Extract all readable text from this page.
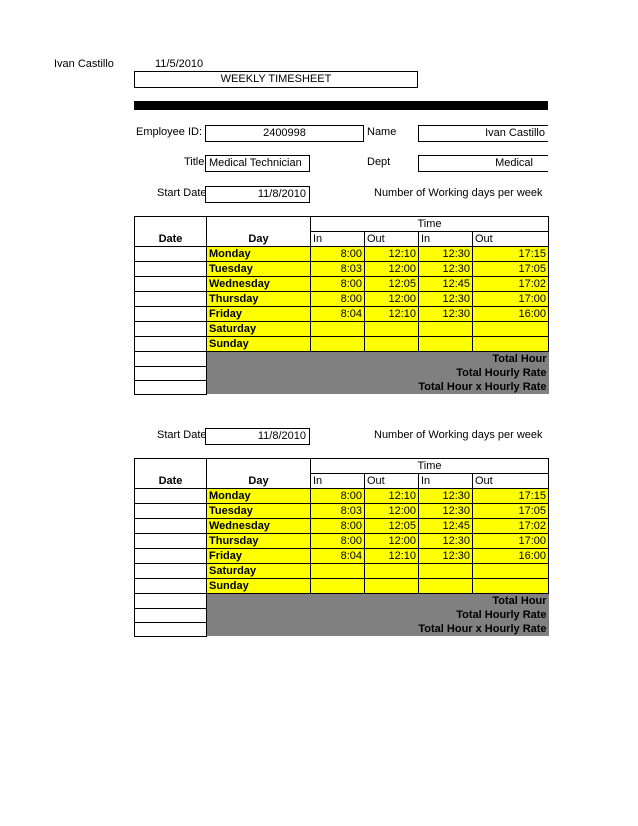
Ivan Castillo	11/5/2010
WEEKLY TIMESHEET
Employee ID:	2400998	Name	Ivan Castillo
Title Medical Technician	Dept	Medical
Start Date	11/8/2010	Number of Working days per week
		Time			
Date	Day	In	Out	In	Out
	Monday	8:00	12:10	12:30	17:15
	Tuesday	8:03	12:00	12:30	17:05
	Wednesday	8:00	12:05	12:45	17:02
	Thursday	8:00	12:00	12:30	17:00
	Friday	8:04	12:10	12:30	16:00
	Saturday				
	Sunday				
	Total Hour				
	Total Hourly Rate				
	Total Hour x Hourly Rate				
Start Date	11/8/2010	Number of Working days per week
		Time			
Date	Day	In	Out	In	Out
	Monday	8:00	12:10	12:30	17:15
	Tuesday	8:03	12:00	12:30	17:05
	Wednesday	8:00	12:05	12:45	17:02
	Thursday	8:00	12:00	12:30	17:00
	Friday	8:04	12:10	12:30	16:00
	Saturday				
	Sunday				
	Total Hour				
	Total Hourly Rate				
	Total Hour x Hourly Rate				
